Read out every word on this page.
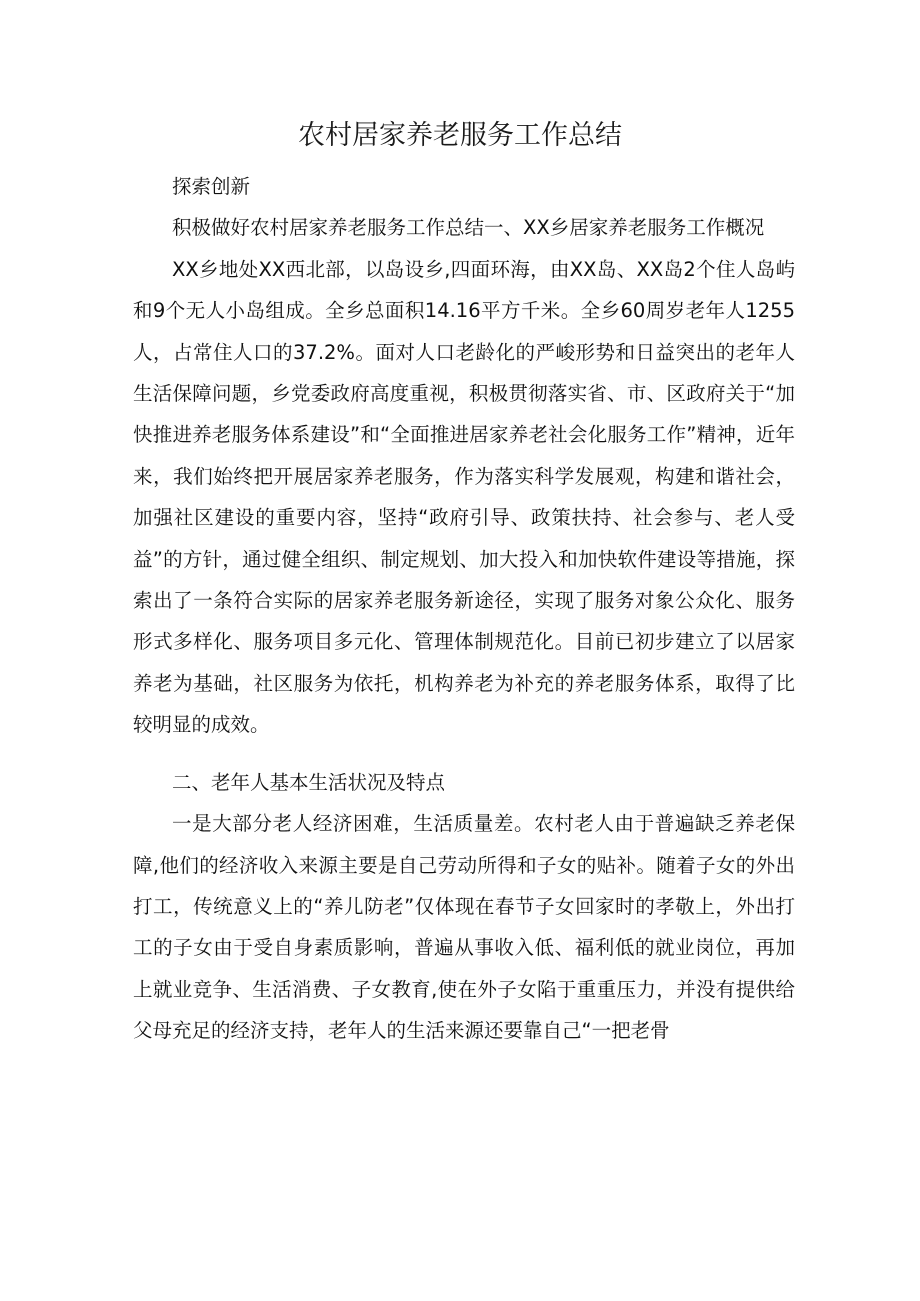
农村居家养老服务工作总结

探索创新

积极做好农村居家养老服务工作总结一、XX乡居家养老服务工作概况

XX乡地处XX西北部，以岛设乡,四面环海，由XX岛、XX岛2个住人岛屿和9个无人小岛组成。全乡总面积14.16平方千米。全乡60周岁老年人1255人，占常住人口的37.2%。面对人口老龄化的严峻形势和日益突出的老年人生活保障问题，乡党委政府高度重视，积极贯彻落实省、市、区政府关于“加快推进养老服务体系建设”和“全面推进居家养老社会化服务工作”精神，近年来，我们始终把开展居家养老服务，作为落实科学发展观，构建和谐社会，加强社区建设的重要内容，坚持“政府引导、政策扶持、社会参与、老人受益”的方针，通过健全组织、制定规划、加大投入和加快软件建设等措施，探索出了一条符合实际的居家养老服务新途径，实现了服务对象公众化、服务形式多样化、服务项目多元化、管理体制规范化。目前已初步建立了以居家养老为基础，社区服务为依托，机构养老为补充的养老服务体系，取得了比较明显的成效。

二、老年人基本生活状况及特点

一是大部分老人经济困难，生活质量差。农村老人由于普遍缺乏养老保障,他们的经济收入来源主要是自己劳动所得和子女的贴补。随着子女的外出打工，传统意义上的“养儿防老”仅体现在春节子女回家时的孝敬上，外出打工的子女由于受自身素质影响，普遍从事收入低、福利低的就业岗位，再加上就业竞争、生活消费、子女教育,使在外子女陷于重重压力，并没有提供给父母充足的经济支持，老年人的生活来源还要靠自己“一把老骨
